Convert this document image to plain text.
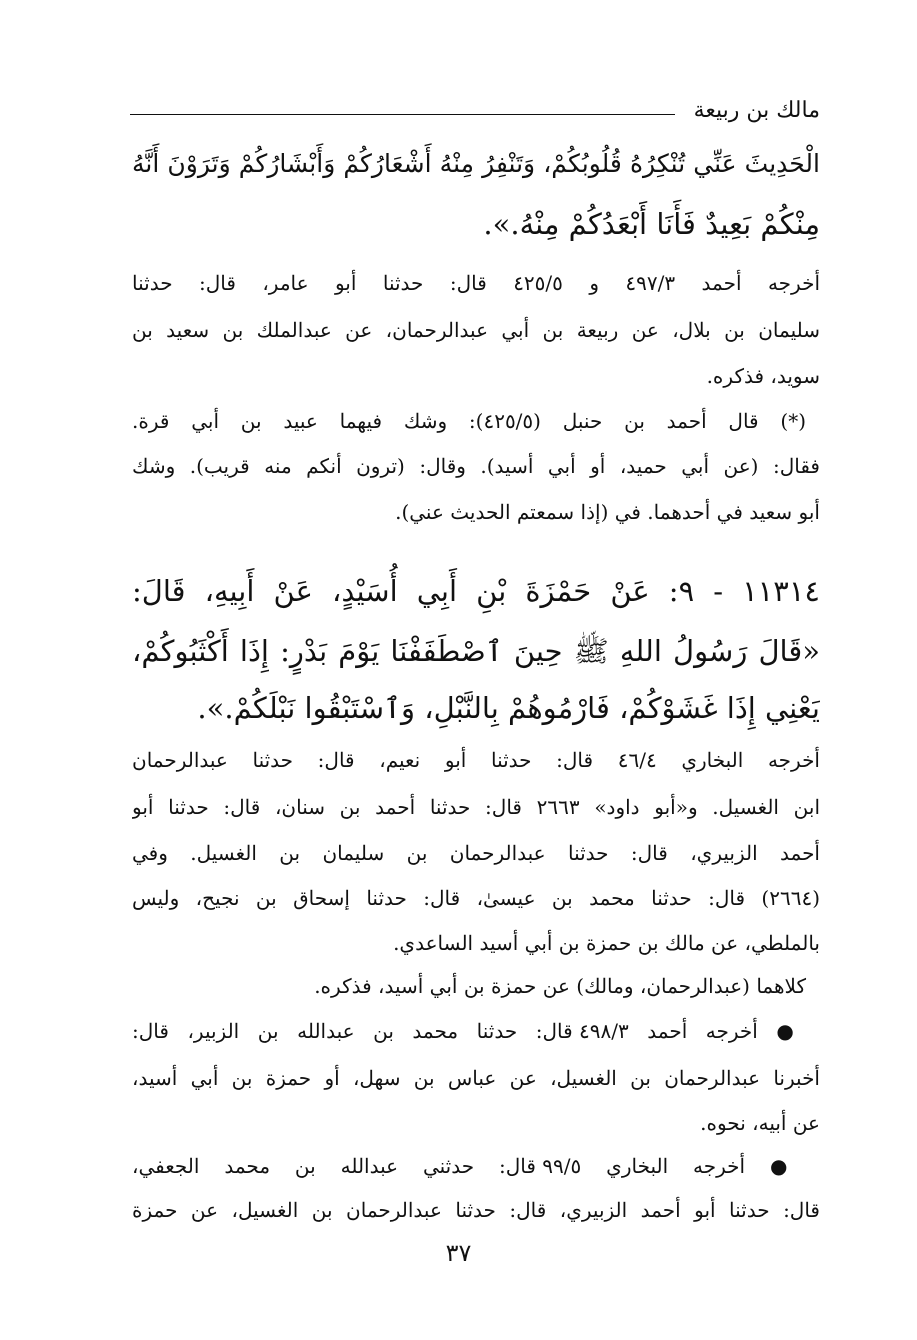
مالك بن ربيعة
الْحَدِيثَ عَنِّي تُنْكِرُهُ قُلُوبُكُمْ، وَتَنْفِرُ مِنْهُ أَشْعَارُكُمْ وَأَبْشَارُكُمْ وَتَرَوْنَ أَنَّهُ
مِنْكُمْ بَعِيدٌ فَأَنَا أَبْعَدُكُمْ مِنْهُ.».
أخرجه أحمد ٤٩٧/٣ و ٤٢٥/٥ قال: حدثنا أبو عامر، قال: حدثنا
سليمان بن بلال، عن ربيعة بن أبي عبدالرحمان، عن عبدالملك بن سعيد بن
سويد، فذكره.
(*) قال أحمد بن حنبل (٤٢٥/٥): وشك فيهما عبيد بن أبي قرة.
فقال: (عن أبي حميد، أو أبي أسيد). وقال: (ترون أنكم منه قريب). وشك
أبو سعيد في أحدهما. في (إذا سمعتم الحديث عني).
١١٣١٤ - ٩: عَنْ حَمْزَةَ بْنِ أَبِي أُسَيْدٍ، عَنْ أَبِيهِ، قَالَ:
«قَالَ رَسُولُ اللهِ ﷺ حِينَ ٱصْطَفَفْنَا يَوْمَ بَدْرٍ: إِذَا أَكْثَبُوكُمْ،
يَعْنِي إِذَا غَشَوْكُمْ، فَارْمُوهُمْ بِالنَّبْلِ، وَٱسْتَبْقُوا نَبْلَكُمْ.».
أخرجه البخاري ٤٦/٤ قال: حدثنا أبو نعيم، قال: حدثنا عبدالرحمان
ابن الغسيل. و«أبو داود» ٢٦٦٣ قال: حدثنا أحمد بن سنان، قال: حدثنا أبو
أحمد الزبيري، قال: حدثنا عبدالرحمان بن سليمان بن الغسيل. وفي
(٢٦٦٤) قال: حدثنا محمد بن عيسىٰ، قال: حدثنا إسحاق بن نجيح، وليس
بالملطي، عن مالك بن حمزة بن أبي أسيد الساعدي.
كلاهما (عبدالرحمان، ومالك) عن حمزة بن أبي أسيد، فذكره.
● أخرجه أحمد ٤٩٨/٣ قال: حدثنا محمد بن عبدالله بن الزبير، قال:
أخبرنا عبدالرحمان بن الغسيل، عن عباس بن سهل، أو حمزة بن أبي أسيد،
عن أبيه، نحوه.
● أخرجه البخاري ٩٩/٥ قال: حدثني عبدالله بن محمد الجعفي،
قال: حدثنا أبو أحمد الزبيري، قال: حدثنا عبدالرحمان بن الغسيل، عن حمزة
٣٧
